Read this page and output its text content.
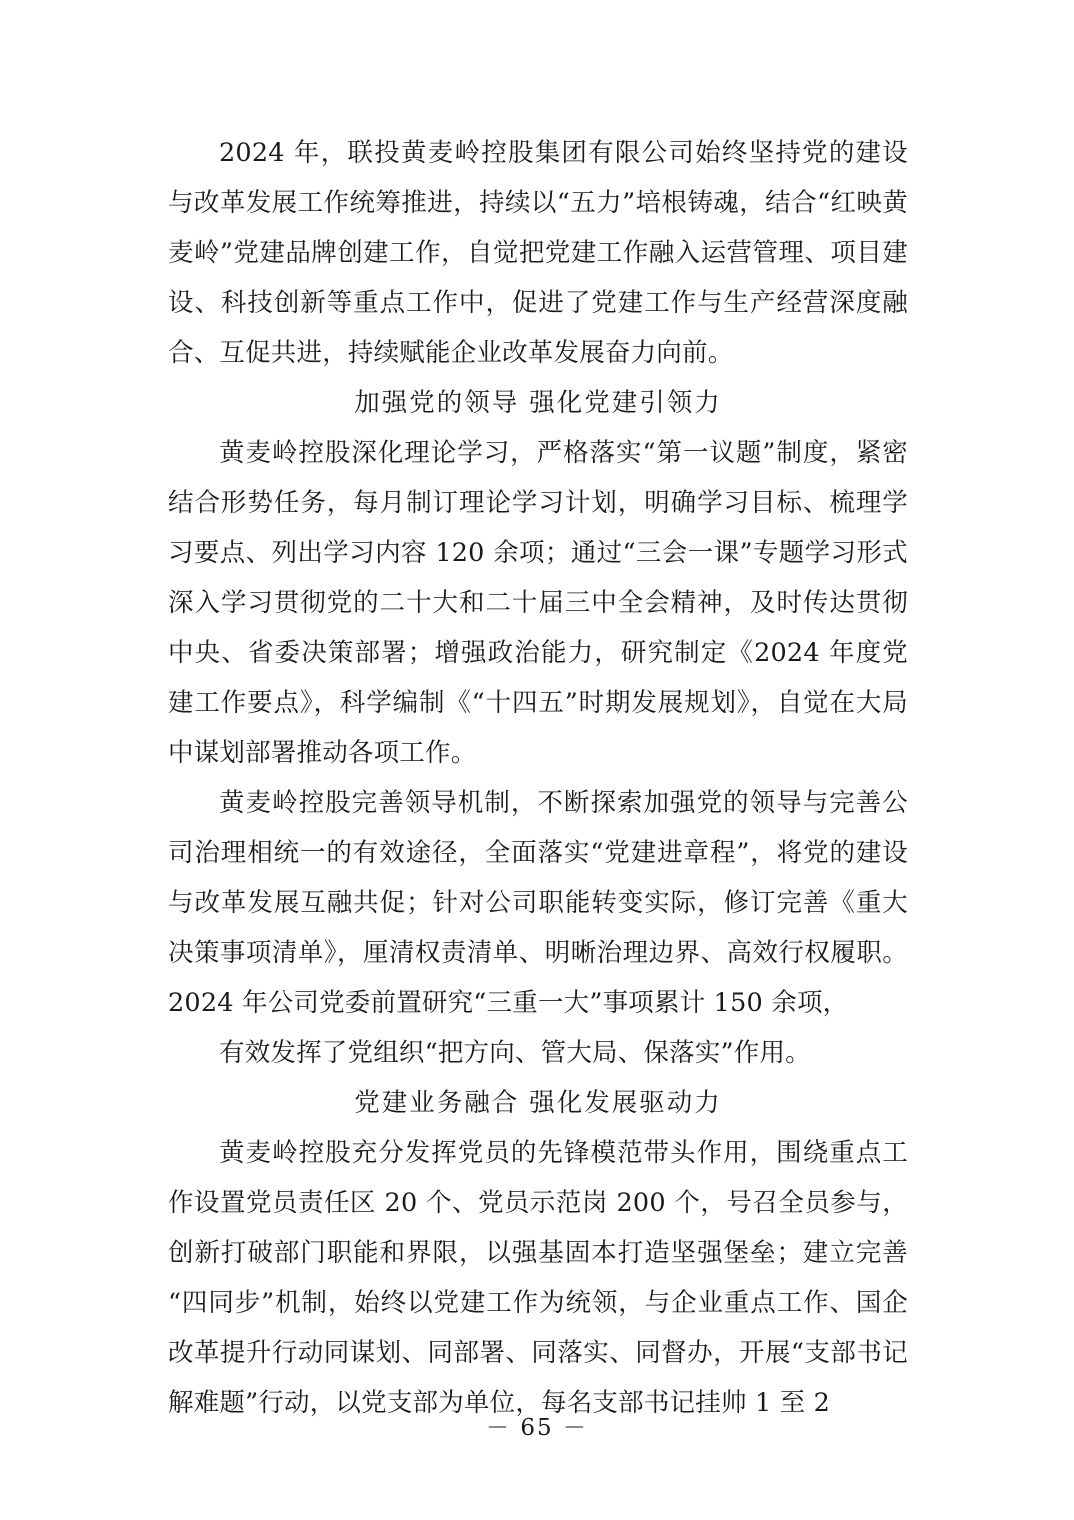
2024 年，联投黄麦岭控股集团有限公司始终坚持党的建设与改革发展工作统筹推进，持续以“五力”培根铸魂，结合“红映黄麦岭”党建品牌创建工作，自觉把党建工作融入运营管理、项目建设、科技创新等重点工作中，促进了党建工作与生产经营深度融合、互促共进，持续赋能企业改革发展奋力向前。

加强党的领导 强化党建引领力

黄麦岭控股深化理论学习，严格落实“第一议题”制度，紧密结合形势任务，每月制订理论学习计划，明确学习目标、梳理学习要点、列出学习内容 120 余项；通过“三会一课”专题学习形式深入学习贯彻党的二十大和二十届三中全会精神，及时传达贯彻中央、省委决策部署；增强政治能力，研究制定《2024 年度党建工作要点》，科学编制《“十四五”时期发展规划》，自觉在大局中谋划部署推动各项工作。

黄麦岭控股完善领导机制，不断探索加强党的领导与完善公司治理相统一的有效途径，全面落实“党建进章程”，将党的建设与改革发展互融共促；针对公司职能转变实际，修订完善《重大决策事项清单》，厘清权责清单、明晰治理边界、高效行权履职。2024 年公司党委前置研究“三重一大”事项累计 150 余项，

有效发挥了党组织“把方向、管大局、保落实”作用。

党建业务融合 强化发展驱动力

黄麦岭控股充分发挥党员的先锋模范带头作用，围绕重点工作设置党员责任区 20 个、党员示范岗 200 个，号召全员参与，创新打破部门职能和界限，以强基固本打造坚强堡垒；建立完善“四同步”机制，始终以党建工作为统领，与企业重点工作、国企改革提升行动同谋划、同部署、同落实、同督办，开展“支部书记解难题”行动，以党支部为单位，每名支部书记挂帅 1 至 2

－ 65 －
